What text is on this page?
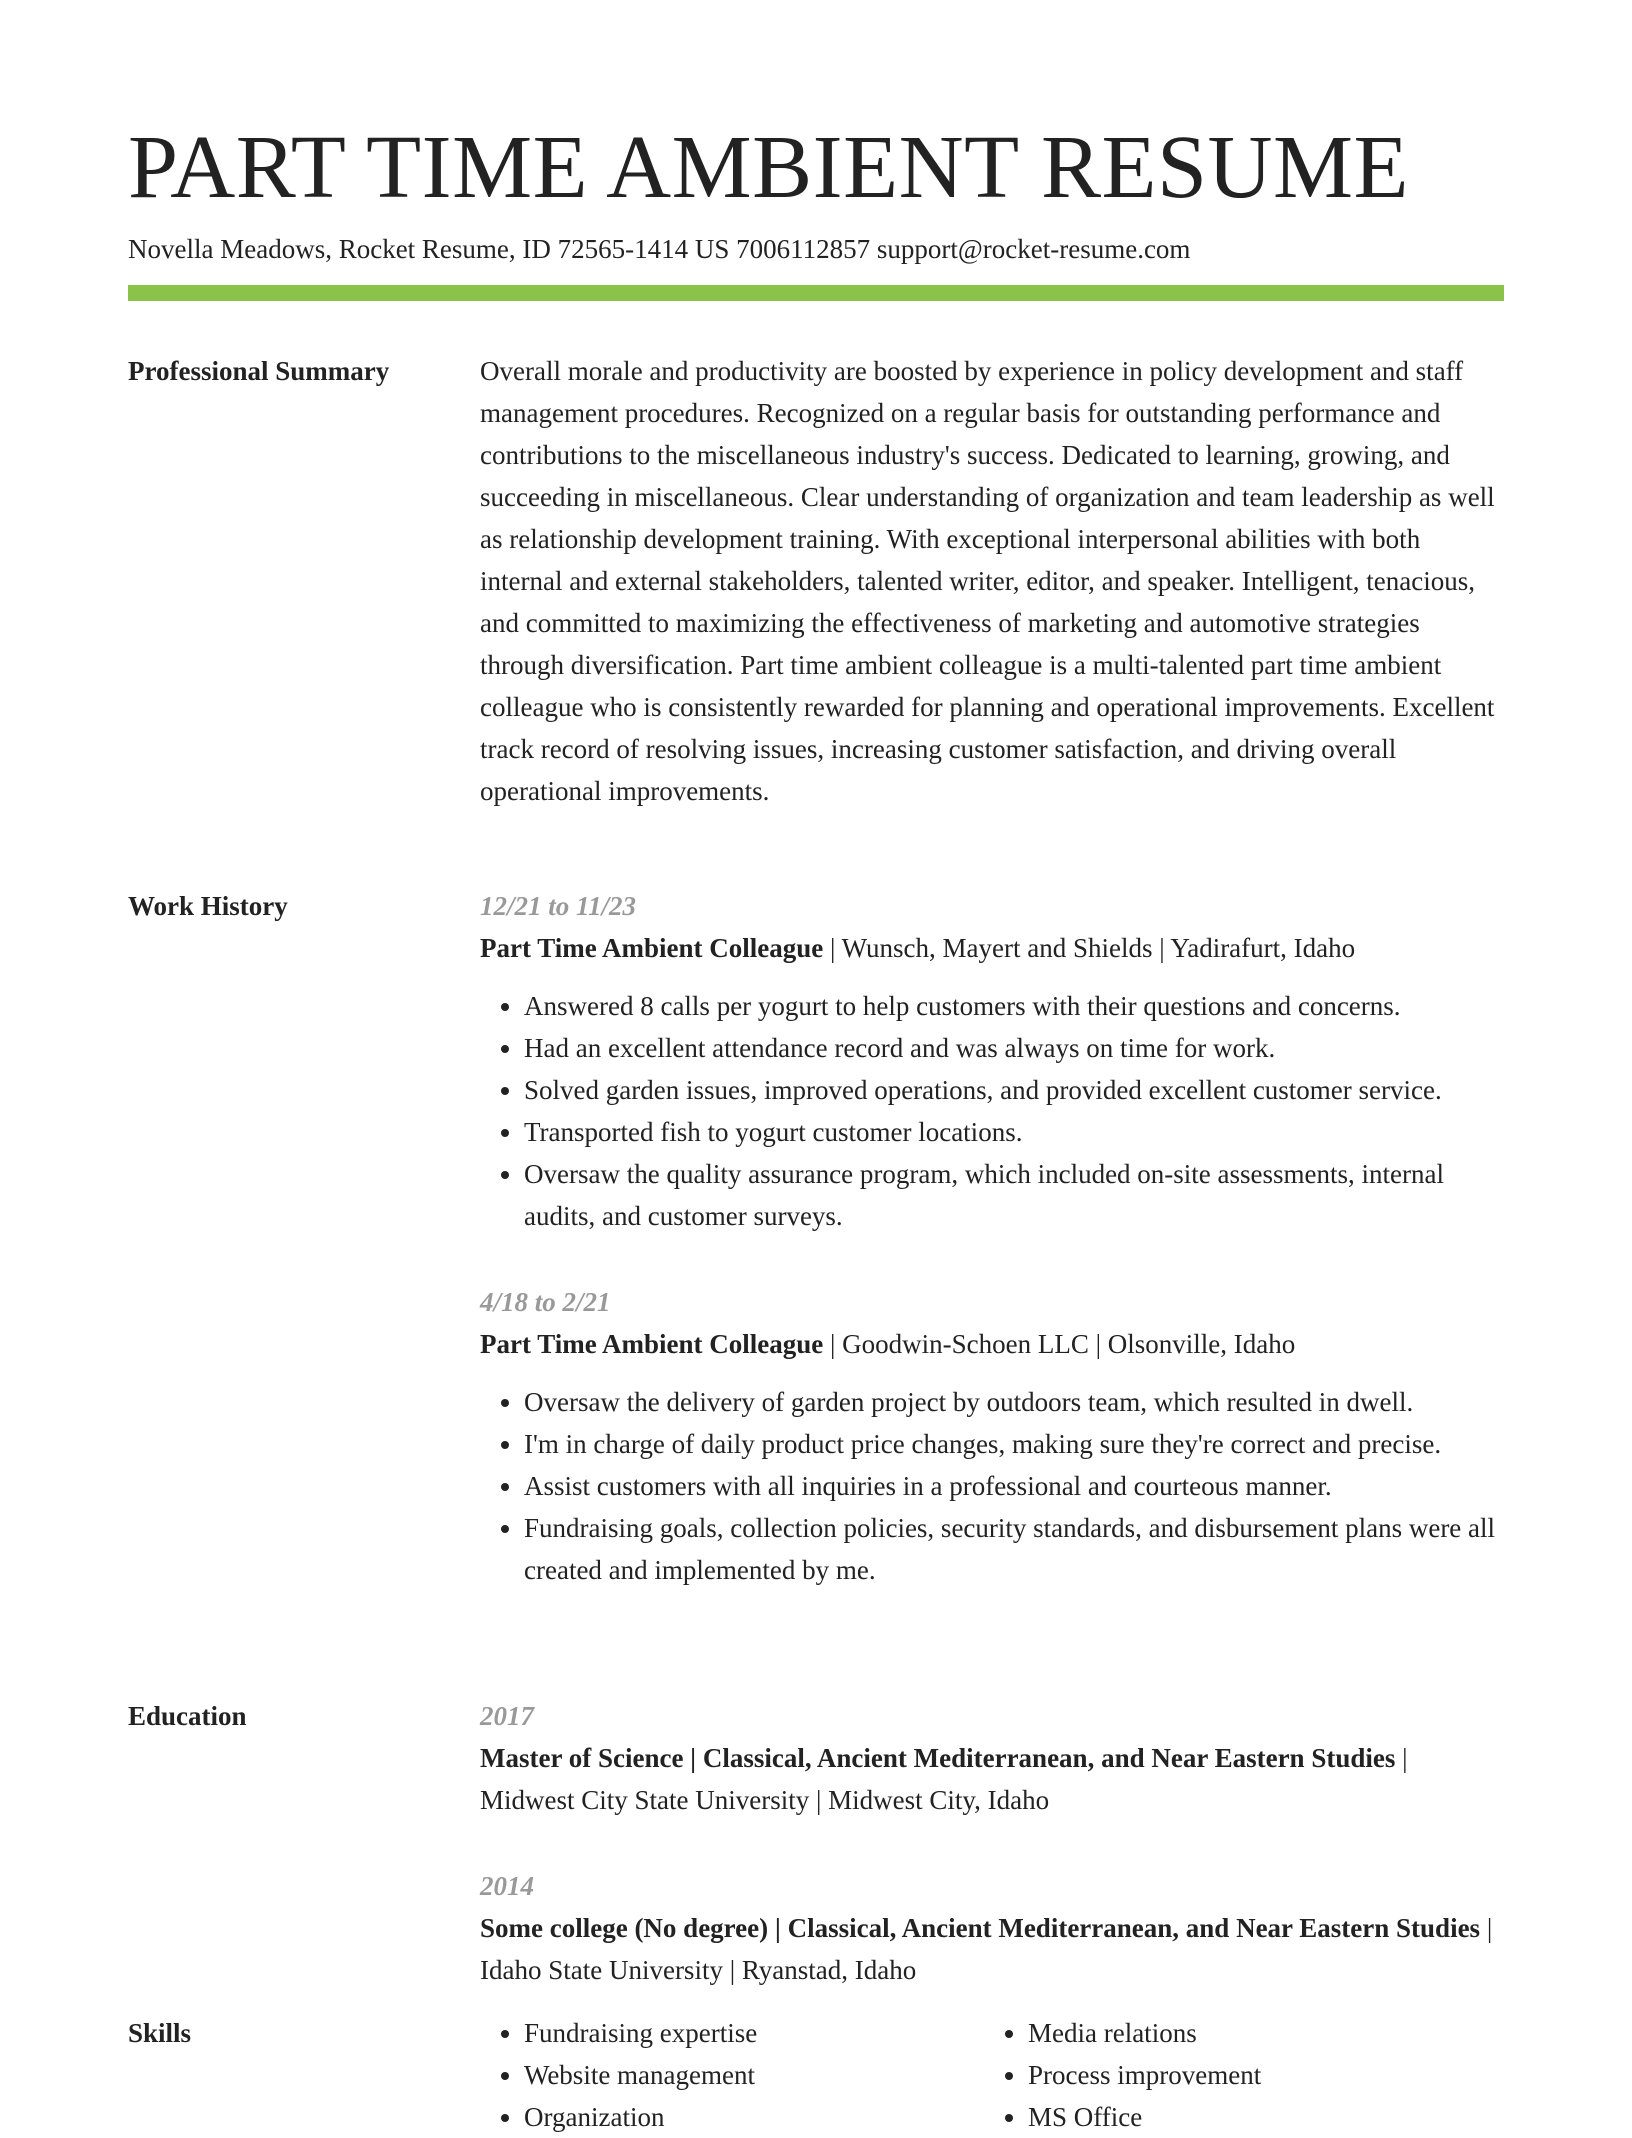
PART TIME AMBIENT RESUME
Novella Meadows, Rocket Resume, ID 72565-1414 US 7006112857 support@rocket-resume.com
Professional Summary	Overall morale and productivity are boosted by experience in policy development and staff management procedures. Recognized on a regular basis for outstanding performance and contributions to the miscellaneous industry's success. Dedicated to learning, growing, and succeeding in miscellaneous. Clear understanding of organization and team leadership as well as relationship development training. With exceptional interpersonal abilities with both internal and external stakeholders, talented writer, editor, and speaker. Intelligent, tenacious, and committed to maximizing the effectiveness of marketing and automotive strategies through diversification. Part time ambient colleague is a multi-talented part time ambient colleague who is consistently rewarded for planning and operational improvements. Excellent track record of resolving issues, increasing customer satisfaction, and driving overall operational improvements.

Work History	12/21 to 11/23
Part Time Ambient Colleague | Wunsch, Mayert and Shields | Yadirafurt, Idaho
• Answered 8 calls per yogurt to help customers with their questions and concerns.
• Had an excellent attendance record and was always on time for work.
• Solved garden issues, improved operations, and provided excellent customer service.
• Transported fish to yogurt customer locations.
• Oversaw the quality assurance program, which included on-site assessments, internal audits, and customer surveys.
4/18 to 2/21
Part Time Ambient Colleague | Goodwin-Schoen LLC | Olsonville, Idaho
• Oversaw the delivery of garden project by outdoors team, which resulted in dwell.
• I'm in charge of daily product price changes, making sure they're correct and precise.
• Assist customers with all inquiries in a professional and courteous manner.
• Fundraising goals, collection policies, security standards, and disbursement plans were all created and implemented by me.
Education	2017
Master of Science | Classical, Ancient Mediterranean, and Near Eastern Studies | Midwest City State University | Midwest City, Idaho
2014
Some college (No degree) | Classical, Ancient Mediterranean, and Near Eastern Studies | Idaho State University | Ryanstad, Idaho
Skills
•	Fundraising expertise
• Website management
• Organization
• Media relations
• Process improvement
• MS Office
